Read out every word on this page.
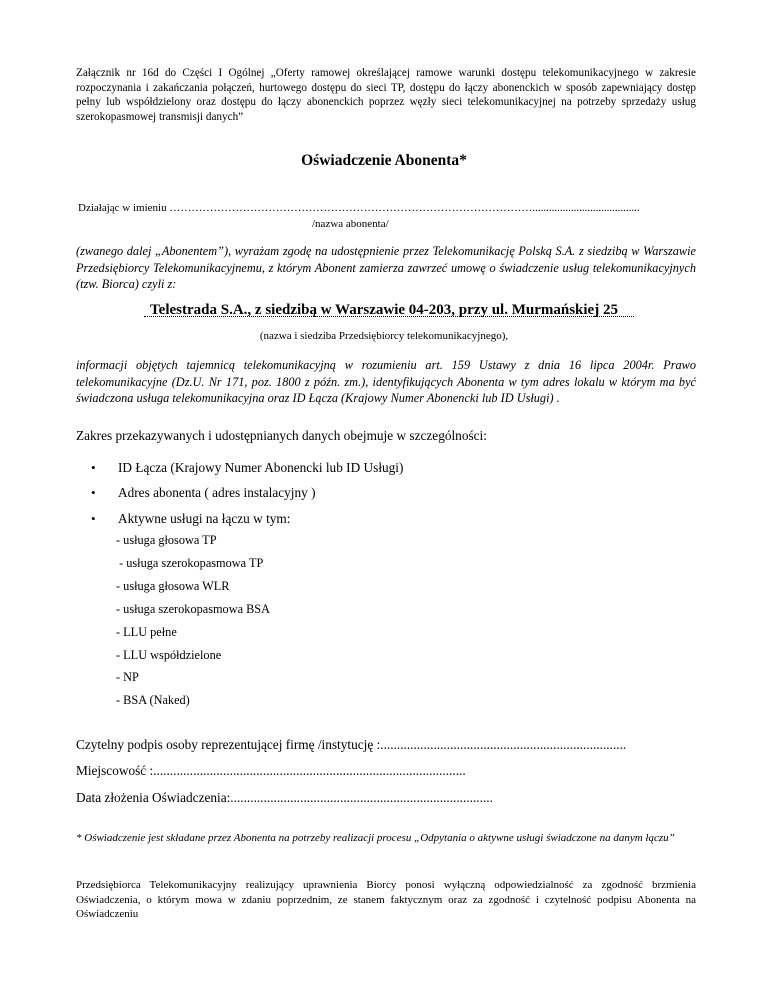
Załącznik nr 16d do Części I Ogólnej „Oferty ramowej określającej ramowe warunki dostępu telekomunikacyjnego w zakresie rozpoczynania i zakańczania połączeń, hurtowego dostępu do sieci TP, dostępu do łączy abonenckich w sposób zapewniający dostęp pełny lub współdzielony oraz dostępu do łączy abonenckich poprzez węzły sieci telekomunikacyjnej na potrzeby sprzedaży usług szerokopasmowej transmisji danych”
Oświadczenie Abonenta*
Działając w imieniu ……………………………………………………………………………………….......................................
/nazwa abonenta/
(zwanego dalej „Abonentem”), wyrażam zgodę na udostępnienie przez Telekomunikację Polską S.A. z siedzibą w Warszawie Przedsiębiorcy Telekomunikacyjnemu, z którym Abonent zamierza zawrzeć umowę o świadczenie usług telekomunikacyjnych (tzw. Biorca) czyli z:
Telestrada S.A., z siedzibą w Warszawie 04-203, przy ul. Murmańskiej 25
(nazwa i siedziba Przedsiębiorcy telekomunikacyjnego),
informacji objętych tajemnicą telekomunikacyjną w rozumieniu art. 159 Ustawy z dnia 16 lipca 2004r. Prawo telekomunikacyjne (Dz.U. Nr 171, poz. 1800 z późn. zm.), identyfikujących Abonenta w tym adres lokalu w którym ma być świadczona usługa telekomunikacyjna oraz ID Łącza (Krajowy Numer Abonencki lub ID Usługi) .
Zakres przekazywanych i udostępnianych danych obejmuje w szczególności:
• ID Łącza (Krajowy Numer Abonencki lub ID Usługi)
• Adres abonenta ( adres instalacyjny )
• Aktywne usługi na łączu w tym:
- usługa głosowa TP
- usługa szerokopasmowa TP
- usługa głosowa WLR
- usługa szerokopasmowa BSA
- LLU pełne
- LLU współdzielone
- NP
- BSA (Naked)
Czytelny podpis osoby reprezentującej firmę /instytucję :..........................................................................
Miejscowość :..............................................................................................
Data złożenia Oświadczenia:...............................................................................
* Oświadczenie jest składane przez Abonenta na potrzeby realizacji procesu „Odpytania o aktywne usługi świadczone na danym łączu”
Przedsiębiorca Telekomunikacyjny realizujący uprawnienia Biorcy ponosi wyłączną odpowiedzialność za zgodność brzmienia Oświadczenia, o którym mowa w zdaniu poprzednim, ze stanem faktycznym oraz za zgodność i czytelność podpisu Abonenta na Oświadczeniu
